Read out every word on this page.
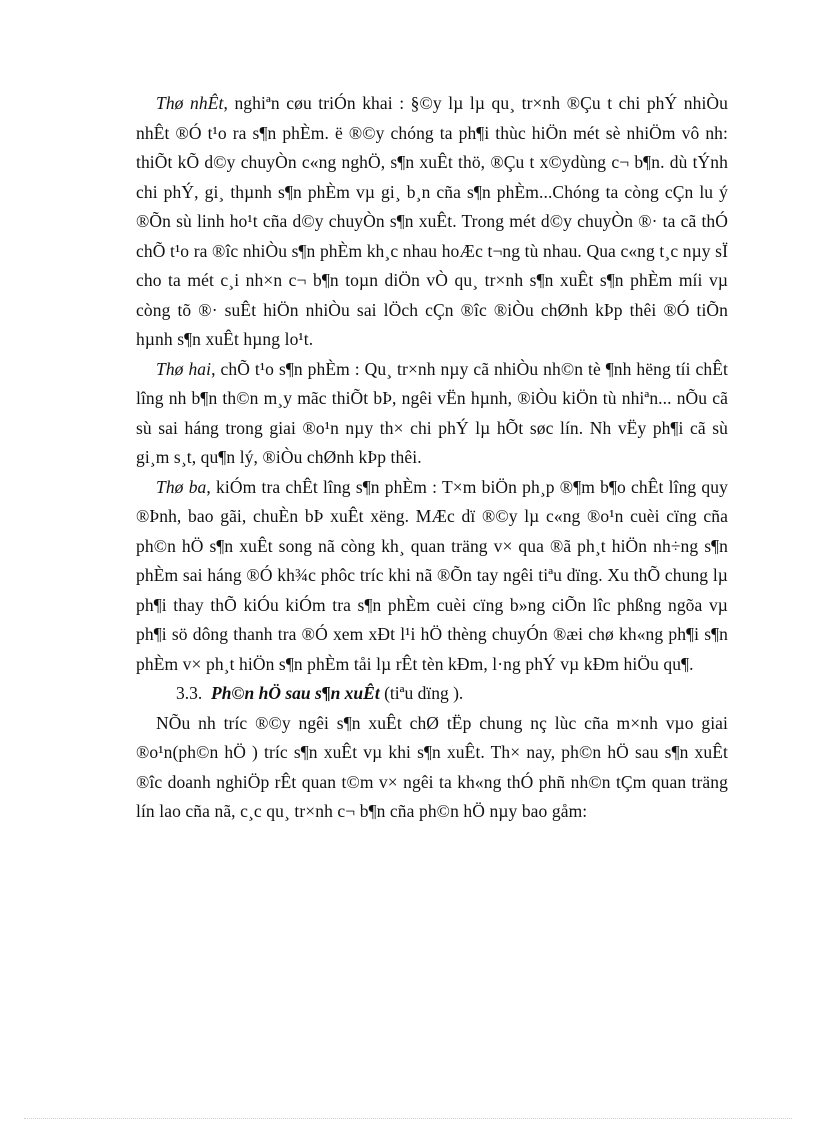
Thø nhÊt, nghiªn cøu triÓn khai : §©y lµ lµ qu¸ tr×nh ®Çu t chi phÝ nhiÒu nhÊt ®Ó t¹o ra s¶n phÈm. ë ®©y chóng ta ph¶i thùc hiÖn mét sè nhiÖm vô nh: thiÕt kÕ d©y chuyÒn c«ng nghÖ, s¶n xuÊt thö, ®Çu t x©ydùng c¬ b¶n. dù tÝnh chi phÝ, gi¸ thµnh s¶n phÈm vµ gi¸ b¸n cña s¶n phÈm...Chóng ta còng cÇn lu ý ®Õn sù linh ho¹t cña d©y chuyÒn s¶n xuÊt. Trong mét d©y chuyÒn ®· ta cã thÓ chÕ t¹o ra ®îc nhiÒu s¶n phÈm kh¸c nhau hoÆc t¬ng tù nhau. Qua c«ng t¸c nµy sÏ cho ta mét c¸i nh×n c¬ b¶n toµn diÖn vÒ qu¸ tr×nh s¶n xuÊt s¶n phÈm míi vµ còng tõ ®· suÊt hiÖn nhiÒu sai lÖch cÇn ®îc ®iÒu chØnh kÞp thêi ®Ó tiÕn hµnh s¶n xuÊt hµng lo¹t.

Thø hai, chÕ t¹o s¶n phÈm : Qu¸ tr×nh nµy cã nhiÒu nh©n tè ¶nh hëng tíi chÊt lîng nh b¶n th©n m¸y mãc thiÕt bÞ, ngêi vËn hµnh, ®iÒu kiÖn tù nhiªn... nÕu cã sù sai háng trong giai ®o¹n nµy th× chi phÝ lµ hÕt søc lín. Nh vËy ph¶i cã sù gi¸m s¸t, qu¶n lý, ®iÒu chØnh kÞp thêi.

Thø ba, kiÓm tra chÊt lîng s¶n phÈm : T×m biÖn ph¸p ®¶m b¶o chÊt lîng quy ®Þnh, bao gãi, chuÈn bÞ xuÊt xëng. MÆc dï ®©y lµ c«ng ®o¹n cuèi cïng cña ph©n hÖ s¶n xuÊt song nã còng kh¸ quan träng v× qua ®ã ph¸t hiÖn nh÷ng s¶n phÈm sai háng ®Ó kh¾c phôc tríc khi nã ®Õn tay ngêi tiªu dïng. Xu thÕ chung lµ ph¶i thay thÕ kiÓu kiÓm tra s¶n phÈm cuèi cïng b»ng ciÕn lîc phßng ngõa vµ ph¶i sö dông thanh tra ®Ó xem xÐt l¹i hÖ thèng chuyÓn ®æi chø kh«ng ph¶i s¶n phÈm v× ph¸t hiÖn s¶n phÈm tåi lµ rÊt tèn kÐm, l·ng phÝ vµ kÐm hiÖu qu¶.

3.3. Ph©n hÖ sau s¶n xuÊt (tiªu dïng ).

NÕu nh tríc ®©y ngêi s¶n xuÊt chØ tËp chung nç lùc cña m×nh vµo giai ®o¹n(ph©n hÖ ) tríc s¶n xuÊt vµ khi s¶n xuÊt. Th× nay, ph©n hÖ sau s¶n xuÊt ®îc doanh nghiÖp rÊt quan t©m v× ngêi ta kh«ng thÓ phñ nh©n tÇm quan träng lín lao cña nã, c¸c qu¸ tr×nh c¬ b¶n cña ph©n hÖ nµy bao gåm:
